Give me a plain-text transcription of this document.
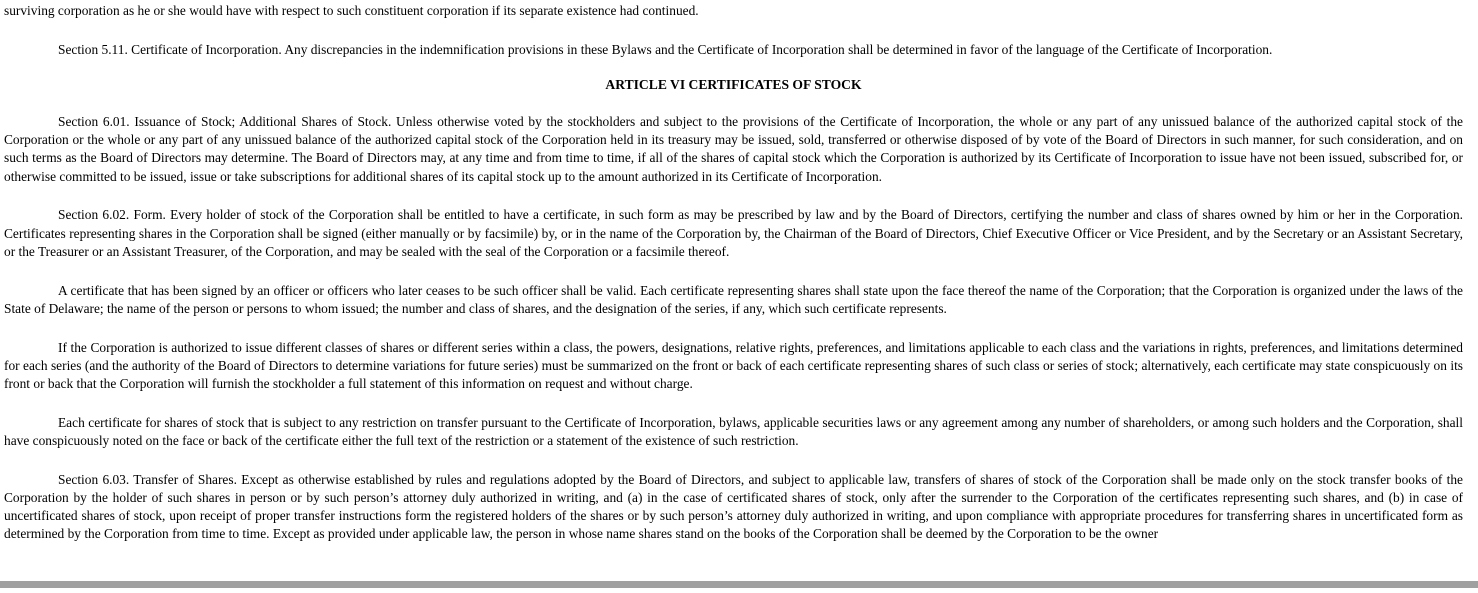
surviving corporation as he or she would have with respect to such constituent corporation if its separate existence had continued.

Section 5.11. Certificate of Incorporation. Any discrepancies in the indemnification provisions in these Bylaws and the Certificate of Incorporation shall be determined in favor of the language of the Certificate of Incorporation.

ARTICLE VI CERTIFICATES OF STOCK

Section 6.01. Issuance of Stock; Additional Shares of Stock. Unless otherwise voted by the stockholders and subject to the provisions of the Certificate of Incorporation, the whole or any part of any unissued balance of the authorized capital stock of the Corporation or the whole or any part of any unissued balance of the authorized capital stock of the Corporation held in its treasury may be issued, sold, transferred or otherwise disposed of by vote of the Board of Directors in such manner, for such consideration, and on such terms as the Board of Directors may determine. The Board of Directors may, at any time and from time to time, if all of the shares of capital stock which the Corporation is authorized by its Certificate of Incorporation to issue have not been issued, subscribed for, or otherwise committed to be issued, issue or take subscriptions for additional shares of its capital stock up to the amount authorized in its Certificate of Incorporation.

Section 6.02. Form. Every holder of stock of the Corporation shall be entitled to have a certificate, in such form as may be prescribed by law and by the Board of Directors, certifying the number and class of shares owned by him or her in the Corporation. Certificates representing shares in the Corporation shall be signed (either manually or by facsimile) by, or in the name of the Corporation by, the Chairman of the Board of Directors, Chief Executive Officer or Vice President, and by the Secretary or an Assistant Secretary, or the Treasurer or an Assistant Treasurer, of the Corporation, and may be sealed with the seal of the Corporation or a facsimile thereof.

A certificate that has been signed by an officer or officers who later ceases to be such officer shall be valid. Each certificate representing shares shall state upon the face thereof the name of the Corporation; that the Corporation is organized under the laws of the State of Delaware; the name of the person or persons to whom issued; the number and class of shares, and the designation of the series, if any, which such certificate represents.

If the Corporation is authorized to issue different classes of shares or different series within a class, the powers, designations, relative rights, preferences, and limitations applicable to each class and the variations in rights, preferences, and limitations determined for each series (and the authority of the Board of Directors to determine variations for future series) must be summarized on the front or back of each certificate representing shares of such class or series of stock; alternatively, each certificate may state conspicuously on its front or back that the Corporation will furnish the stockholder a full statement of this information on request and without charge.

Each certificate for shares of stock that is subject to any restriction on transfer pursuant to the Certificate of Incorporation, bylaws, applicable securities laws or any agreement among any number of shareholders, or among such holders and the Corporation, shall have conspicuously noted on the face or back of the certificate either the full text of the restriction or a statement of the existence of such restriction.

Section 6.03. Transfer of Shares. Except as otherwise established by rules and regulations adopted by the Board of Directors, and subject to applicable law, transfers of shares of stock of the Corporation shall be made only on the stock transfer books of the Corporation by the holder of such shares in person or by such person’s attorney duly authorized in writing, and (a) in the case of certificated shares of stock, only after the surrender to the Corporation of the certificates representing such shares, and (b) in case of uncertificated shares of stock, upon receipt of proper transfer instructions form the registered holders of the shares or by such person’s attorney duly authorized in writing, and upon compliance with appropriate procedures for transferring shares in uncertificated form as determined by the Corporation from time to time. Except as provided under applicable law, the person in whose name shares stand on the books of the Corporation shall be deemed by the Corporation to be the owner
